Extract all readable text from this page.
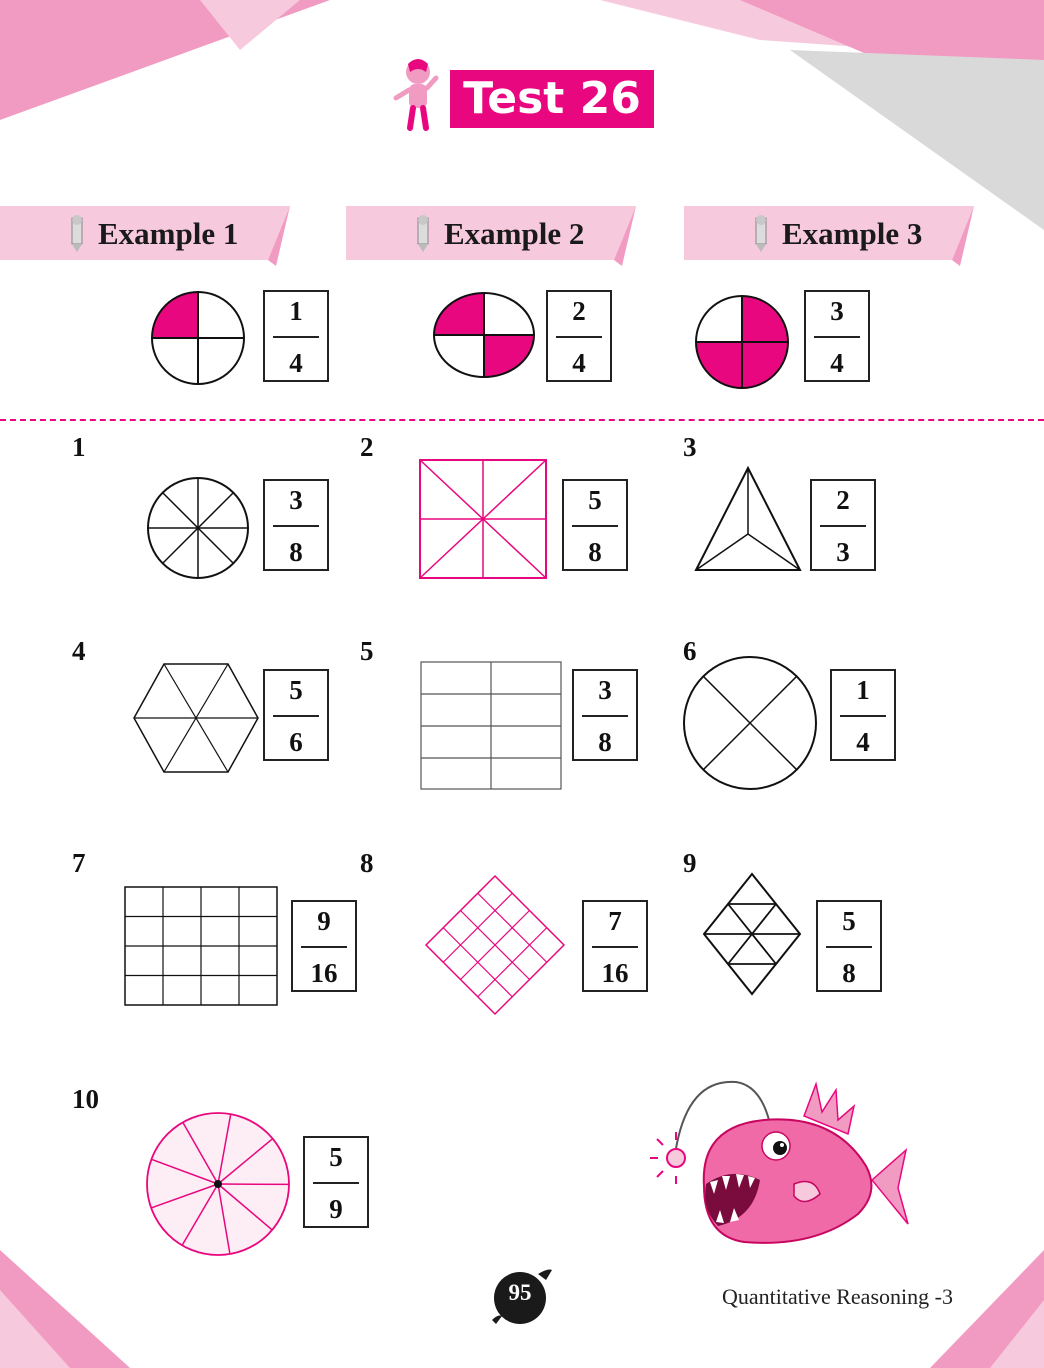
Test 26
Example 1	Example 2	Example 3
1
4
2
4
3
4
1
3
8
2
5
8
3
2
3
4
5
6
5
3
8
6
1
4
7
9
16
8
7
16
9
5
8
10
5
9
95	Quantitative Reasoning -3
